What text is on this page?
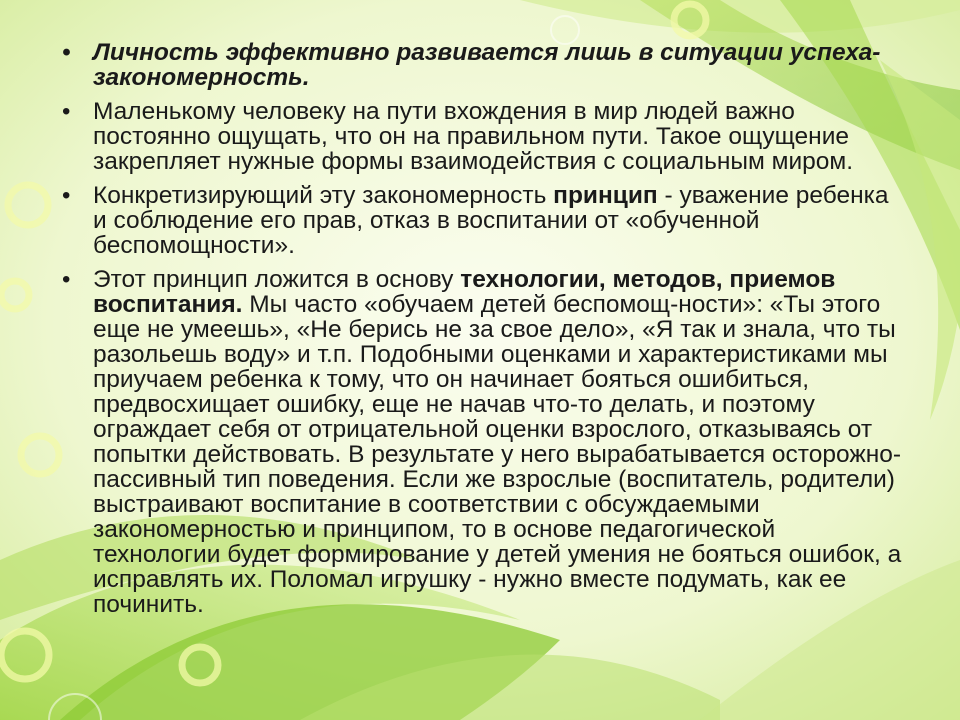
• Личность эффективно развивается лишь в ситуации успеха- закономерность.
• Маленькому человеку на пути вхождения в мир людей важно постоянно ощущать, что он на правильном пути. Такое ощущение закрепляет нужные формы взаимодействия с социальным миром.
• Конкретизирующий эту закономерность принцип - уважение ребенка и соблюдение его прав, отказ в воспитании от «обученной беспомощности».
• Этот принцип ложится в основу технологии, методов, приемов воспитания. Мы часто «обучаем детей беспомощ-ности»: «Ты этого еще не умеешь», «Не берись не за свое дело», «Я так и знала, что ты разольешь воду» и т.п. Подобными оценками и характеристиками мы приучаем ребенка к тому, что он начинает бояться ошибиться, предвосхищает ошибку, еще не начав что-то делать, и поэтому ограждает себя от отрицательной оценки взрослого, отказываясь от попытки действовать. В результате у него вырабатывается осторожно-пассивный тип поведения. Если же взрослые (воспитатель, родители) выстраивают воспитание в соответствии с обсуждаемыми закономерностью и принципом, то в основе педагогической технологии будет формирование у детей умения не бояться ошибок, а исправлять их. Поломал игрушку - нужно вместе подумать, как ее починить.
